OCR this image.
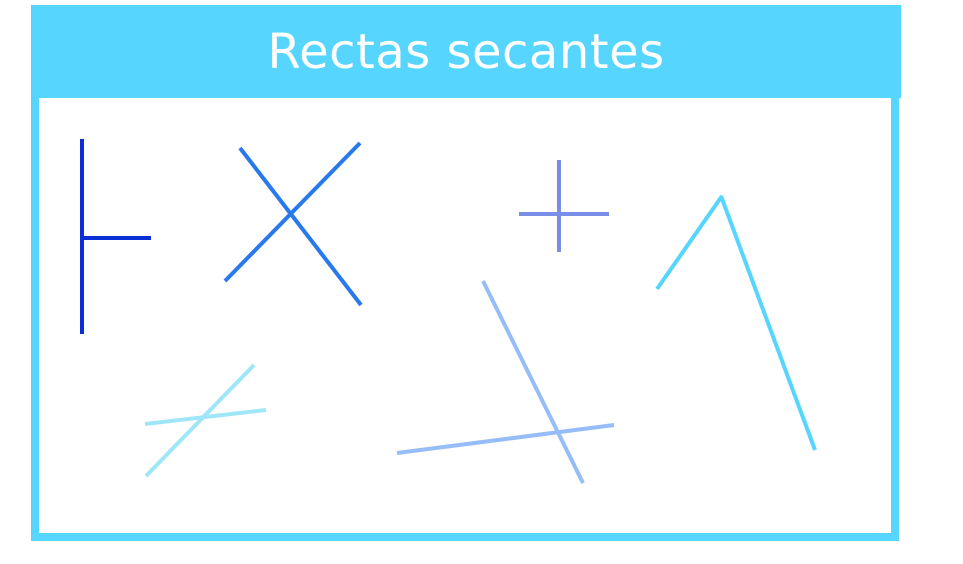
Rectas secantes
